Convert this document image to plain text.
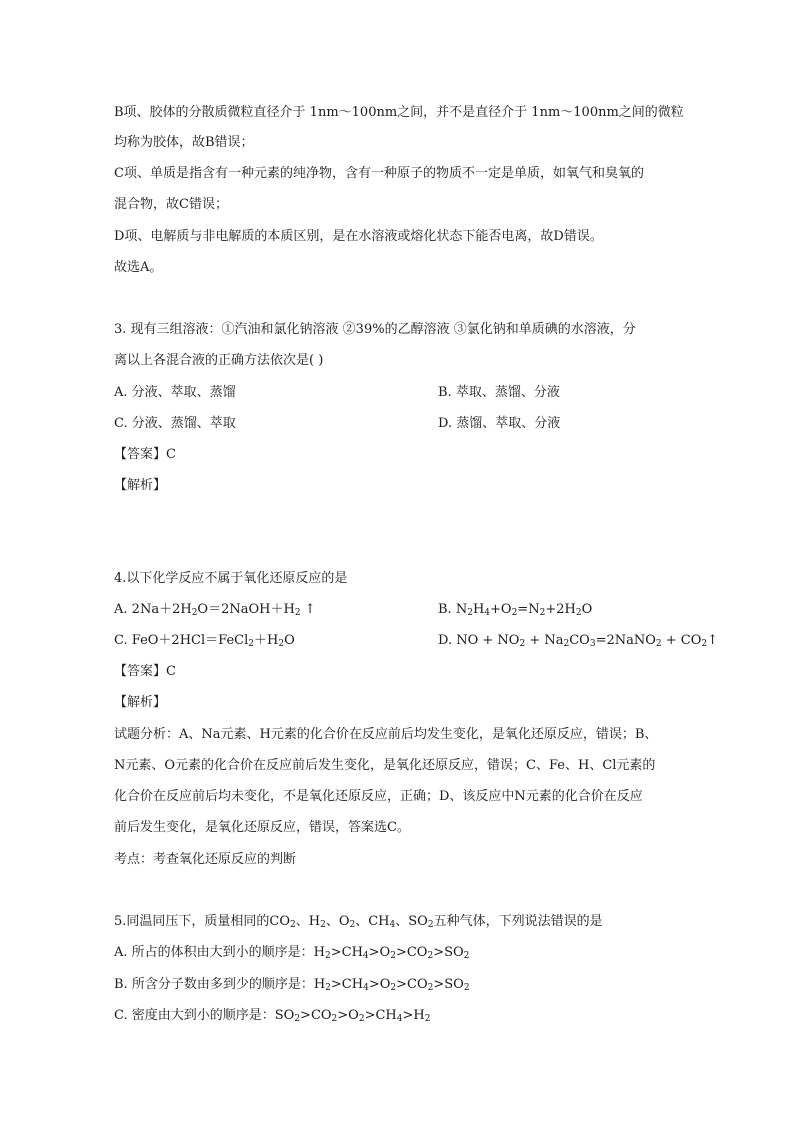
B项、胶体的分散质微粒直径介于 1nm～100nm之间，并不是直径介于 1nm～100nm之间的微粒
均称为胶体，故B错误；
C项、单质是指含有一种元素的纯净物，含有一种原子的物质不一定是单质，如氧气和臭氧的
混合物，故C错误；
D项、电解质与非电解质的本质区别，是在水溶液或熔化状态下能否电离，故D错误。
故选A。
3. 现有三组溶液：①汽油和氯化钠溶液 ②39%的乙醇溶液 ③氯化钠和单质碘的水溶液，分
离以上各混合液的正确方法依次是( )
A. 分液、萃取、蒸馏	B. 萃取、蒸馏、分液
C. 分液、蒸馏、萃取	D. 蒸馏、萃取、分液
【答案】C
【解析】
4.以下化学反应不属于氧化还原反应的是
A. $2Na+2H_2O=2NaOH+H_2$ ↑	B. $N_2H_4+O_2=N_2+2H_2O$
C. $FeO+2HCl=FeCl_2+H_2O$	D. NO + $NO_2$ + $Na_2CO_3=2NaNO_2$ + $CO_2↑$
【答案】C
【解析】
试题分析：A、Na元素、H元素的化合价在反应前后均发生变化，是氧化还原反应，错误；B、
N元素、O元素的化合价在反应前后发生变化，是氧化还原反应，错误；C、Fe、H、Cl元素的
化合价在反应前后均未变化，不是氧化还原反应，正确；D、该反应中N元素的化合价在反应
前后发生变化，是氧化还原反应，错误，答案选C。
考点：考查氧化还原反应的判断
5.同温同压下，质量相同的$CO_2$、$H_2$、$O_2$、$CH_4$、$SO_2$五种气体，下列说法错误的是
A. 所占的体积由大到小的顺序是：$H_2>CH_4>O_2>CO_2>SO_2$
B. 所含分子数由多到少的顺序是：$H_2>CH_4>O_2>CO_2>SO_2$
C. 密度由大到小的顺序是：$SO_2>CO_2>O_2>CH_4>H_2$
